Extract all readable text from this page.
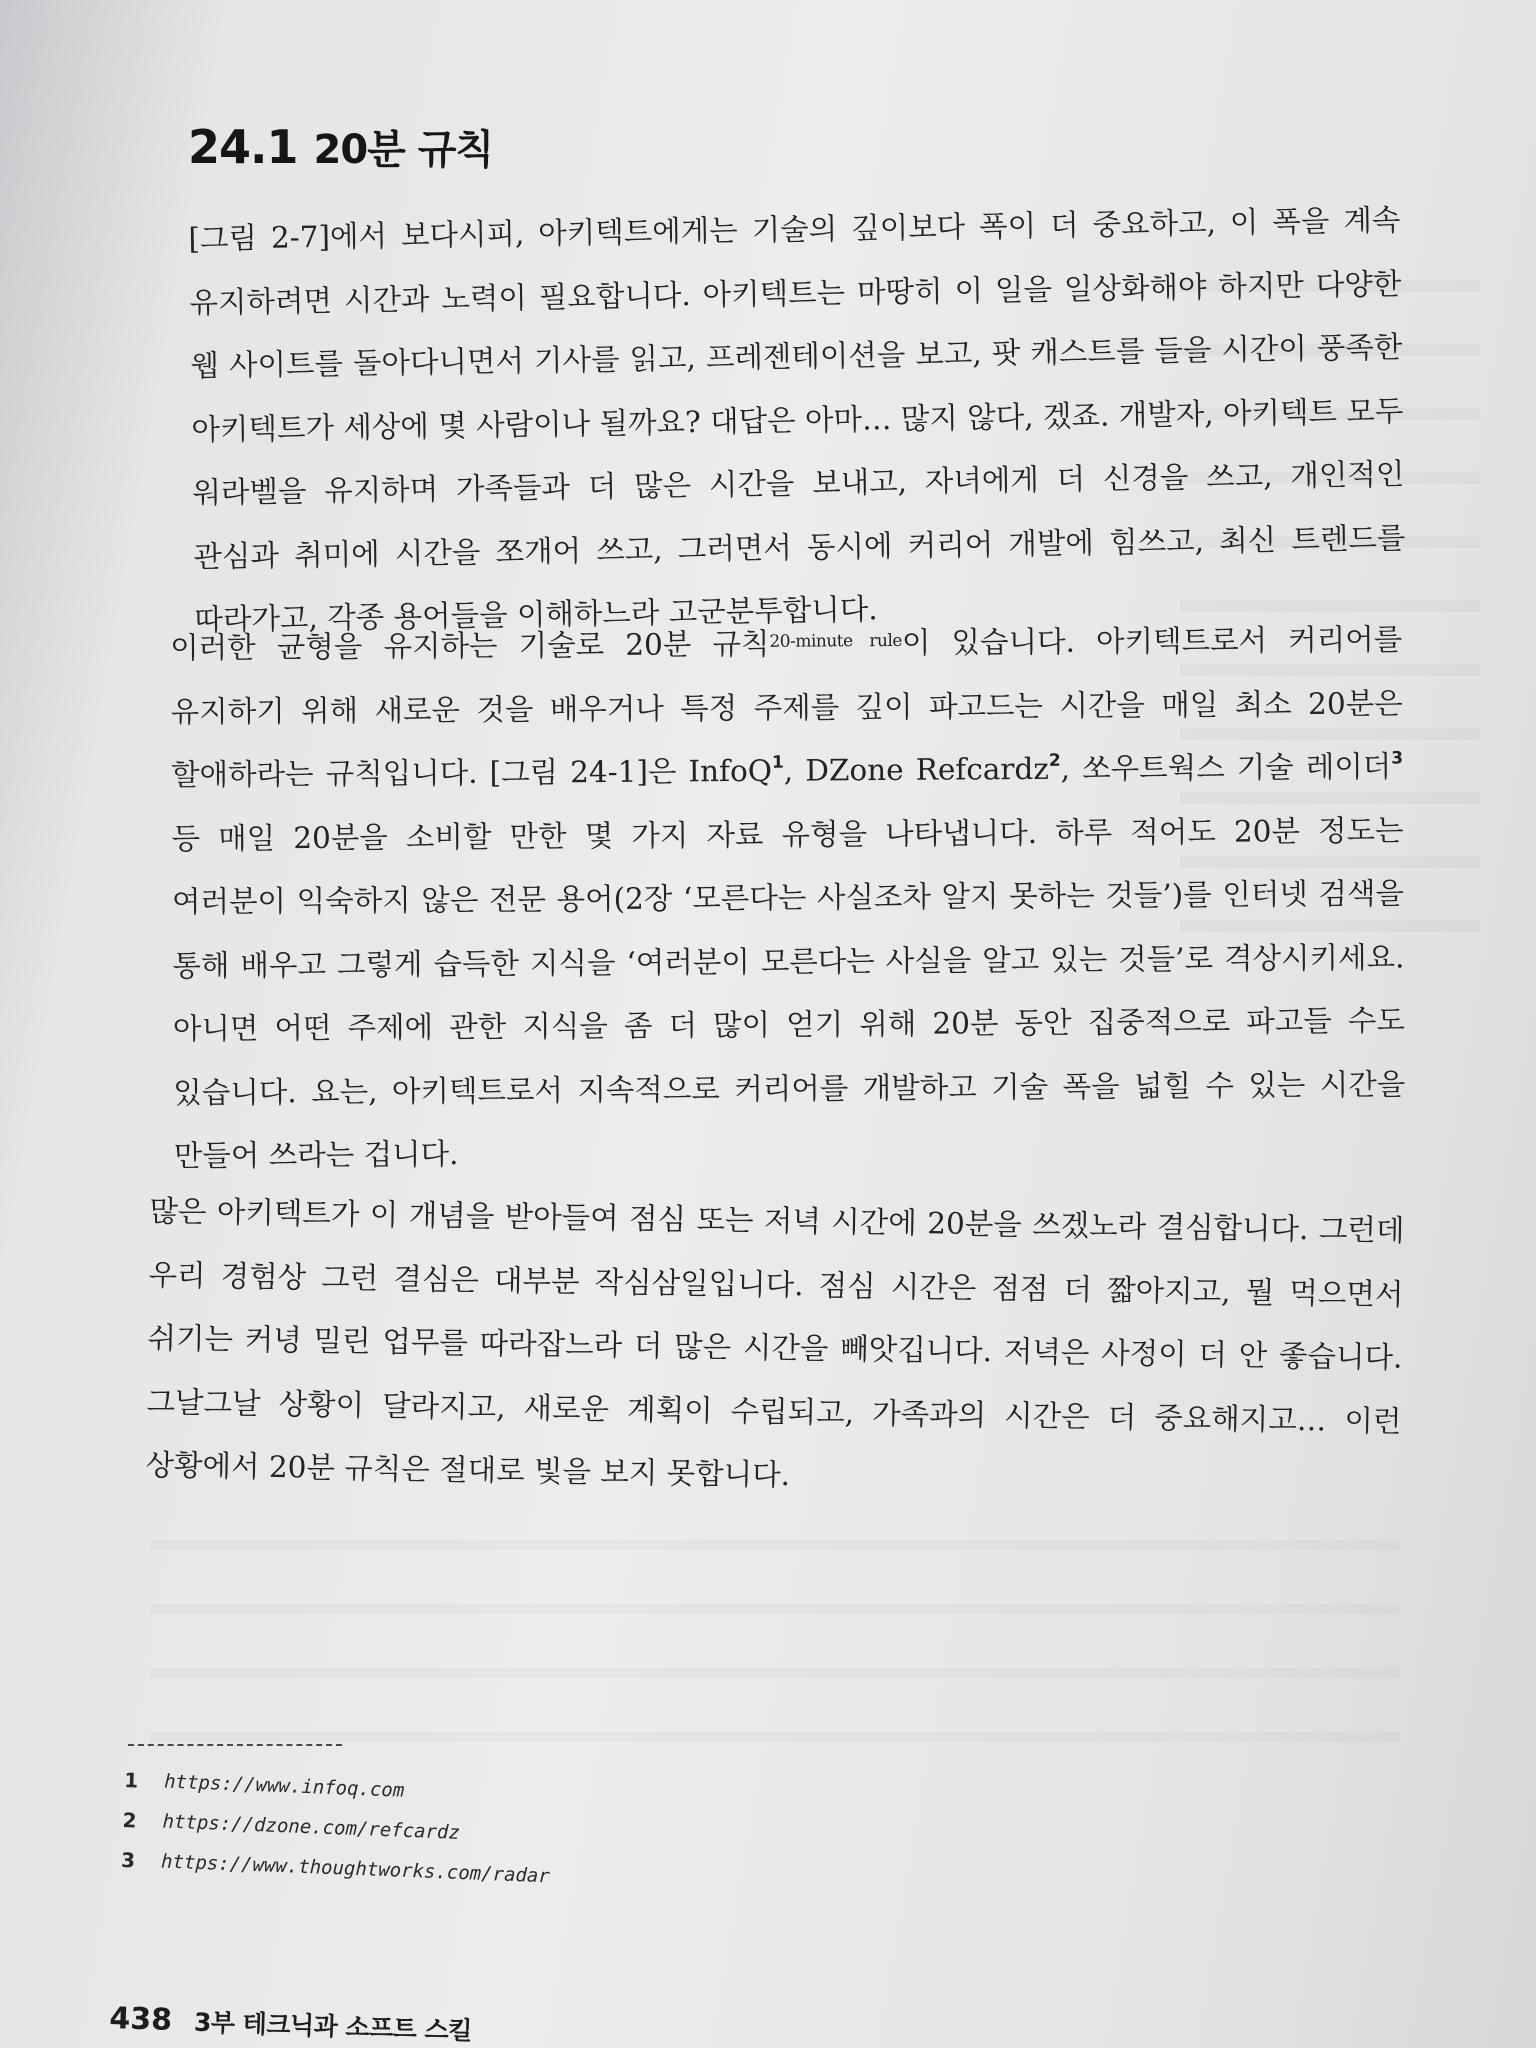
24.1 20분 규칙

[그림 2-7]에서 보다시피, 아키텍트에게는 기술의 깊이보다 폭이 더 중요하고, 이 폭을 계속 유지하려면 시간과 노력이 필요합니다. 아키텍트는 마땅히 이 일을 일상화해야 하지만 다양한 웹 사이트를 돌아다니면서 기사를 읽고, 프레젠테이션을 보고, 팟 캐스트를 들을 시간이 풍족한 아키텍트가 세상에 몇 사람이나 될까요? 대답은 아마… 많지 않다, 겠죠. 개발자, 아키텍트 모두 워라벨을 유지하며 가족들과 더 많은 시간을 보내고, 자녀에게 더 신경을 쓰고, 개인적인 관심과 취미에 시간을 쪼개어 쓰고, 그러면서 동시에 커리어 개발에 힘쓰고, 최신 트렌드를 따라가고, 각종 용어들을 이해하느라 고군분투합니다.

이러한 균형을 유지하는 기술로 20분 규칙$^{20-minute rule}$이 있습니다. 아키텍트로서 커리어를 유지하기 위해 새로운 것을 배우거나 특정 주제를 깊이 파고드는 시간을 매일 최소 20분은 할애하라는 규칙입니다. [그림 24-1]은 InfoQ$^1$, DZone Refcardz$^2$, 쏘우트웍스 기술 레이더$^3$ 등 매일 20분을 소비할 만한 몇 가지 자료 유형을 나타냅니다. 하루 적어도 20분 정도는 여러분이 익숙하지 않은 전문 용어(2장 ‘모른다는 사실조차 알지 못하는 것들’)를 인터넷 검색을 통해 배우고 그렇게 습득한 지식을 ‘여러분이 모른다는 사실을 알고 있는 것들’로 격상시키세요. 아니면 어떤 주제에 관한 지식을 좀 더 많이 얻기 위해 20분 동안 집중적으로 파고들 수도 있습니다. 요는, 아키텍트로서 지속적으로 커리어를 개발하고 기술 폭을 넓힐 수 있는 시간을 만들어 쓰라는 겁니다.

많은 아키텍트가 이 개념을 받아들여 점심 또는 저녁 시간에 20분을 쓰겠노라 결심합니다. 그런데 우리 경험상 그런 결심은 대부분 작심삼일입니다. 점심 시간은 점점 더 짧아지고, 뭘 먹으면서 쉬기는 커녕 밀린 업무를 따라잡느라 더 많은 시간을 빼앗깁니다. 저녁은 사정이 더 안 좋습니다. 그날그날 상황이 달라지고, 새로운 계획이 수립되고, 가족과의 시간은 더 중요해지고… 이런 상황에서 20분 규칙은 절대로 빛을 보지 못합니다.

1	https://www.infoq.com
2	https://dzone.com/refcardz
3	https://www.thoughtworks.com/radar
438 3부 테크닉과 소프트 스킬
